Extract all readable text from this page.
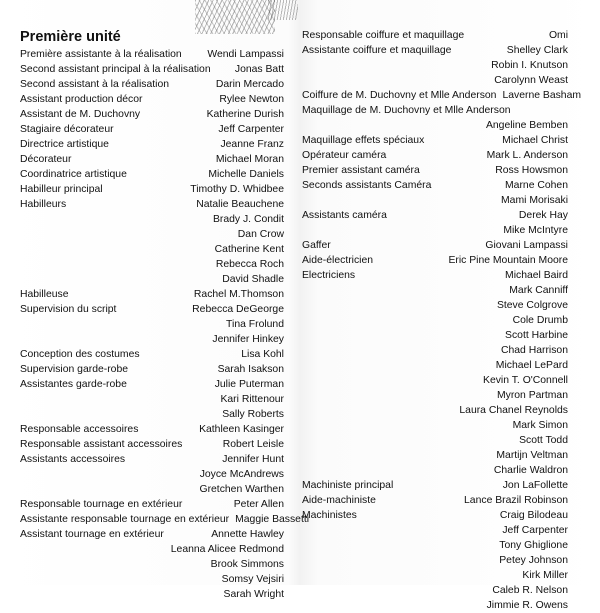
Première unité
Première assistante à la réalisation Wendi Lampassi
Second assistant principal à la réalisation Jonas Batt
Second assistant à la réalisation	Darin Mercado
Assistant production décor	Rylee Newton
Assistant de M. Duchovny	Katherine Durish
Stagiaire décorateur	Jeff Carpenter
Directrice artistique	Jeanne Franz
Décorateur	Michael Moran
Coordinatrice artistique	Michelle Daniels
Habilleur principal	Timothy D. Whidbee
Habilleurs	Natalie Beauchene
Brady J. Condit
Dan Crow
Catherine Kent
Rebecca Roch
David Shadle
Habilleuse	Rachel M.Thomson
Supervision du script	Rebecca DeGeorge
Tina Frolund
Jennifer Hinkey
Conception des costumes	Lisa Kohl
Supervision garde-robe	Sarah Isakson
Assistantes garde-robe	Julie Puterman
Kari Rittenour
Sally Roberts
Responsable accessoires	Kathleen Kasinger
Responsable assistant accessoires	Robert Leisle
Assistants accessoires	Jennifer Hunt
Joyce McAndrews
Gretchen Warthen
Responsable tournage en extérieur	Peter Allen
Assistante responsable tournage en extérieur Maggie Bassetti
Assistant tournage en extérieur	Annette Hawley
Leanna Alicee Redmond
Brook Simmons
Somsy Vejsiri
Sarah Wright
Responsable coiffure et maquillage	Omi
Assistante coiffure et maquillage	Shelley Clark
Robin I. Knutson
Carolynn Weast
Coiffure de M. Duchovny et Mlle Anderson Laverne Basham
Maquillage de M. Duchovny et Mlle Anderson
Angeline Bemben
Maquillage effets spéciaux	Michael Christ
Opérateur caméra	Mark L. Anderson
Premier assistant caméra	Ross Howsmon
Seconds assistants Caméra	Marne Cohen
Mami Morisaki
Assistants caméra	Derek Hay
Mike McIntyre
Gaffer	Giovani Lampassi
Aide-électricien	Eric Pine Mountain Moore
Electriciens	Michael Baird
Mark Canniff
Steve Colgrove
Cole Drumb
Scott Harbine
Chad Harrison
Michael LePard
Kevin T. O'Connell
Myron Partman
Laura Chanel Reynolds
Mark Simon
Scott Todd
Martijn Veltman
Charlie Waldron
Machiniste principal	Jon LaFollette
Aide-machiniste	Lance Brazil Robinson
Machinistes	Craig Bilodeau
Jeff Carpenter
Tony Ghiglione
Petey Johnson
Kirk Miller
Caleb R. Nelson
Jimmie R. Owens
